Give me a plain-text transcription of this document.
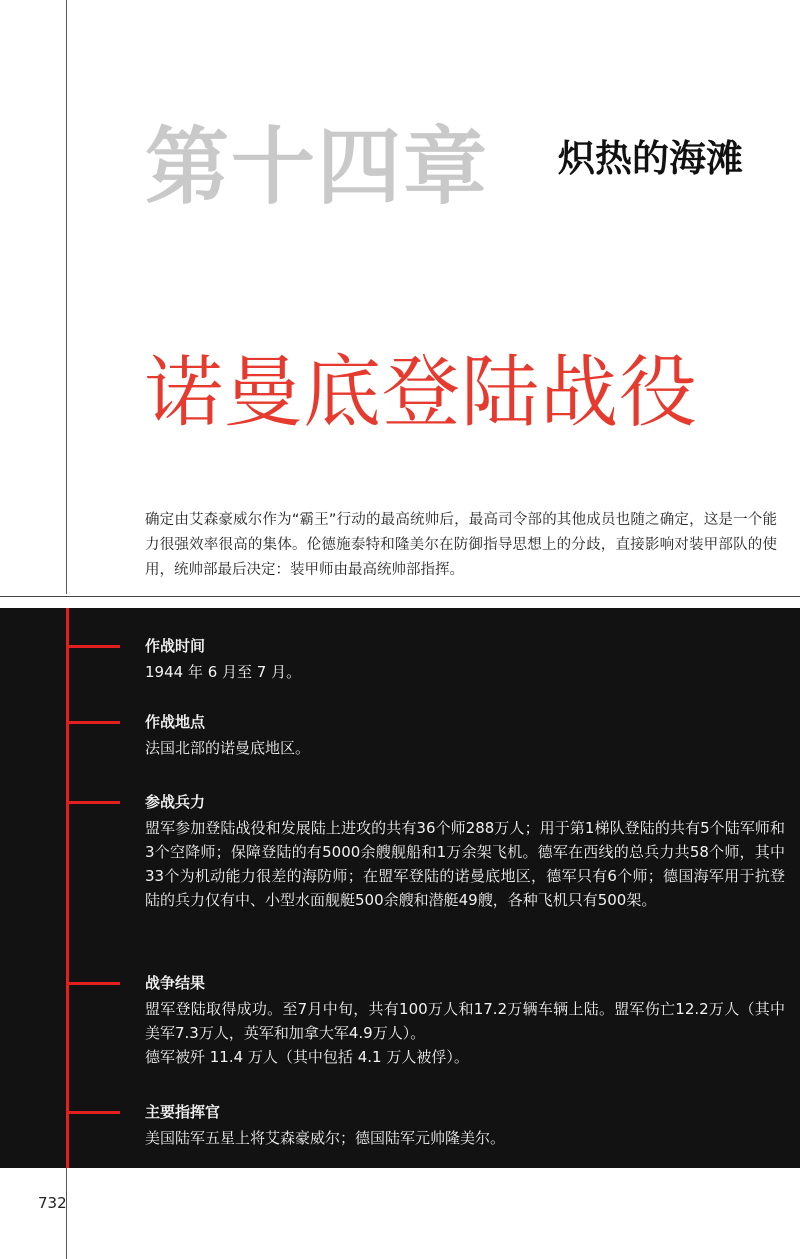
第十四章 炽热的海滩
诺曼底登陆战役
确定由艾森豪威尔作为“霸王”行动的最高统帅后，最高司令部的其他成员也随之确定，这是一个能力很强效率很高的集体。伦德施泰特和隆美尔在防御指导思想上的分歧，直接影响对装甲部队的使用，统帅部最后决定：装甲师由最高统帅部指挥。
作战时间
1944 年 6 月至 7 月。
作战地点
法国北部的诺曼底地区。
参战兵力
盟军参加登陆战役和发展陆上进攻的共有36个师288万人；用于第1梯队登陆的共有5个陆军师和3个空降师；保障登陆的有5000余艘舰船和1万余架飞机。德军在西线的总兵力共58个师，其中33个为机动能力很差的海防师；在盟军登陆的诺曼底地区，德军只有6个师；德国海军用于抗登陆的兵力仅有中、小型水面舰艇500余艘和潜艇49艘，各种飞机只有500架。
战争结果
盟军登陆取得成功。至7月中旬，共有100万人和17.2万辆车辆上陆。盟军伤亡12.2万人（其中美军7.3万人，英军和加拿大军4.9万人）。
德军被歼 11.4 万人（其中包括 4.1 万人被俘）。
主要指挥官
美国陆军五星上将艾森豪威尔；德国陆军元帅隆美尔。
732
